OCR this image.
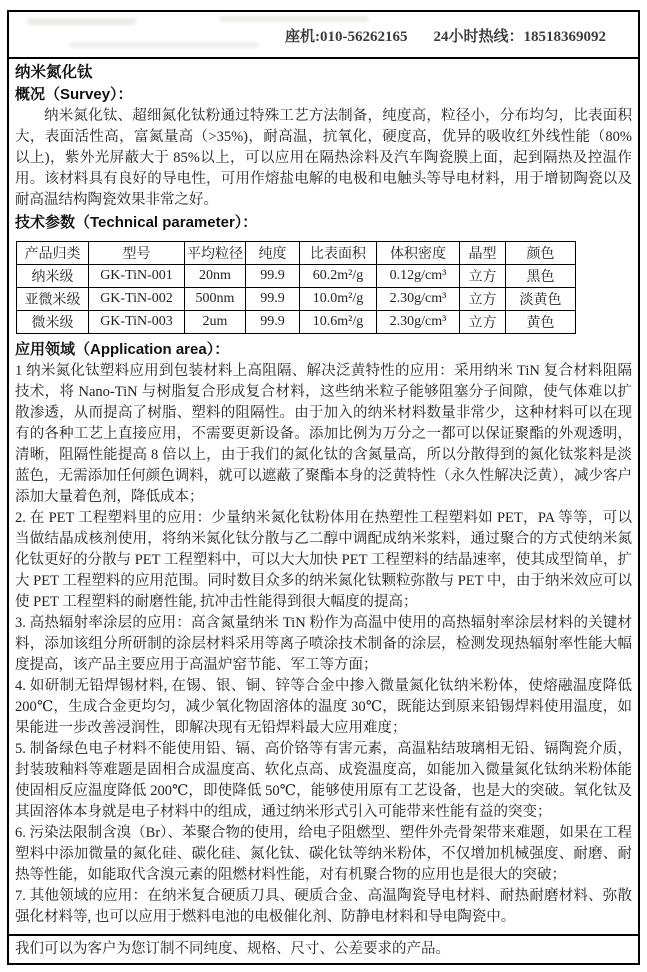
座机:010-56262165 24小时热线：18518369092
纳米氮化钛
概况（Survey）：

纳米氮化钛、超细氮化钛粉通过特殊工艺方法制备，纯度高，粒径小，分布均匀，比表面积大，表面活性高，富氮量高（>35%)，耐高温，抗氧化，硬度高，优异的吸收红外线性能（80%以上)，紫外光屏蔽大于 85%以上，可以应用在隔热涂料及汽车陶瓷膜上面，起到隔热及控温作用。该材料具有良好的导电性，可用作熔盐电解的电极和电触头等导电材料，用于增韧陶瓷以及耐高温结构陶瓷效果非常之好。

技术参数（Technical parameter）：
产品归类	型号	平均粒径	纯度	比表面积	体积密度	晶型	颜色
纳米级	GK-TiN-001	20nm	99.9	60.2m²/g	0.12g/cm³	立方	黑色
亚微米级	GK-TiN-002	500nm	99.9	10.0m²/g	2.30g/cm³	立方	淡黄色
微米级	GK-TiN-003	2um	99.9	10.6m²/g	2.30g/cm³	立方	黄色
应用领域（Application area）：

1 纳米氮化钛塑料应用到包装材料上高阻隔、解决泛黄特性的应用：采用纳米 TiN 复合材料阻隔技术，将 Nano-TiN 与树脂复合形成复合材料，这些纳米粒子能够阻塞分子间隙，使气体难以扩散渗透，从而提高了树脂、塑料的阻隔性。由于加入的纳米材料数量非常少，这种材料可以在现有的各种工艺上直接应用，不需要更新设备。添加比例为万分之一都可以保证聚酯的外观透明，清晰，阻隔性能提高 8 倍以上，由于我们的氮化钛的含氮量高，所以分散得到的氮化钛浆料是淡蓝色，无需添加任何颜色调料，就可以遮蔽了聚酯本身的泛黄特性（永久性解决泛黄），减少客户添加大量着色剂，降低成本；

2. 在 PET 工程塑料里的应用：少量纳米氮化钛粉体用在热塑性工程塑料如 PET，PA 等等，可以当做结晶成核剂使用，将纳米氮化钛分散与乙二醇中调配成纳米浆料，通过聚合的方式使纳米氮化钛更好的分散与 PET 工程塑料中，可以大大加快 PET 工程塑料的结晶速率，使其成型简单，扩大 PET 工程塑料的应用范围。同时数目众多的纳米氮化钛颗粒弥散与 PET 中，由于纳米效应可以使 PET 工程塑料的耐磨性能, 抗冲击性能得到很大幅度的提高；

3. 高热辐射率涂层的应用：高含氮量纳米 TiN 粉作为高温中使用的高热辐射率涂层材料的关键材料，添加该组分所研制的涂层材料采用等离子喷涂技术制备的涂层，检测发现热辐射率性能大幅度提高，该产品主要应用于高温炉窑节能、军工等方面；

4. 如研制无铅焊锡材料, 在锡、银、铜、锌等合金中掺入微量氮化钛纳米粉体，使熔融温度降低 200℃，生成合金更均匀，减少氧化物固溶体的温度 30℃，既能达到原来铅锡焊料使用温度，如果能进一步改善浸润性，即解决现有无铅焊料最大应用难度；

5. 制备绿色电子材料不能使用铅、镉、高价铬等有害元素，高温粘结玻璃相无铅、镉陶瓷介质，封装玻釉料等难题是固相合成温度高、软化点高、成瓷温度高，如能加入微量氮化钛纳米粉体能使固相反应温度降低 200℃，即使降低 50℃，能够使用原有工艺设备，也是大的突破。氧化钛及其固溶体本身就是电子材料中的组成，通过纳米形式引入可能带来性能有益的突变；

6. 污染法限制含溴（Br）、苯聚合物的使用，给电子阻燃型、塑件外壳骨架带来难题，如果在工程塑料中添加微量的氮化硅、碳化硅、氮化钛、碳化钛等纳米粉体，不仅增加机械强度、耐磨、耐热等性能，如能取代含溴元素的阻燃材料性能，对有机聚合物的应用也是很大的突破；

7. 其他领域的应用：在纳米复合硬质刀具、硬质合金、高温陶瓷导电材料、耐热耐磨材料、弥散强化材料等, 也可以应用于燃料电池的电极催化剂、防静电材料和导电陶瓷中。

我们可以为客户为您订制不同纯度、规格、尺寸、公差要求的产品。
